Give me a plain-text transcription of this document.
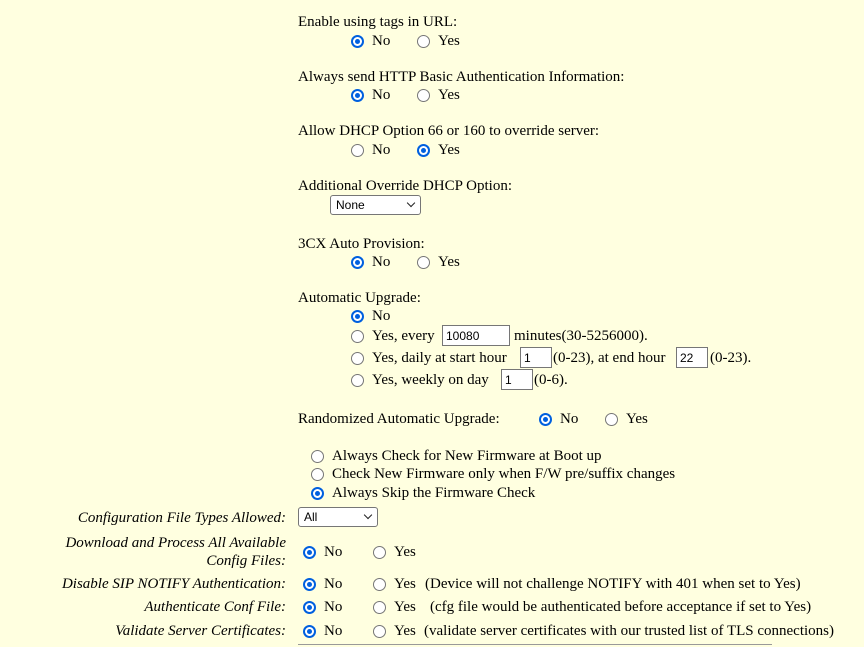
Enable using tags in URL:
No	Yes
Always send HTTP Basic Authentication Information:
No	Yes
Allow DHCP Option 66 or 160 to override server:
No	Yes
Additional Override DHCP Option:
None
3CX Auto Provision:
No	Yes
Automatic Upgrade:
No
Yes, every 10080	minutes(30-5256000).
Yes, daily at start hour	1	(0-23), at end hour	22	(0-23).
Yes, weekly on day	1	(0-6).
Randomized Automatic Upgrade:	No	Yes
Always Check for New Firmware at Boot up
Check New Firmware only when F/W pre/suffix changes
Always Skip the Firmware Check
Configuration File Types Allowed:	All
Download and Process All Available
Config Files:
No	Yes
Disable SIP NOTIFY Authentication:	No	Yes (Device will not challenge NOTIFY with 401 when set to Yes)
Authenticate Conf File:	No	Yes (cfg file would be authenticated before acceptance if set to Yes)
Validate Server Certificates:	No	Yes (validate server certificates with our trusted list of TLS connections)
